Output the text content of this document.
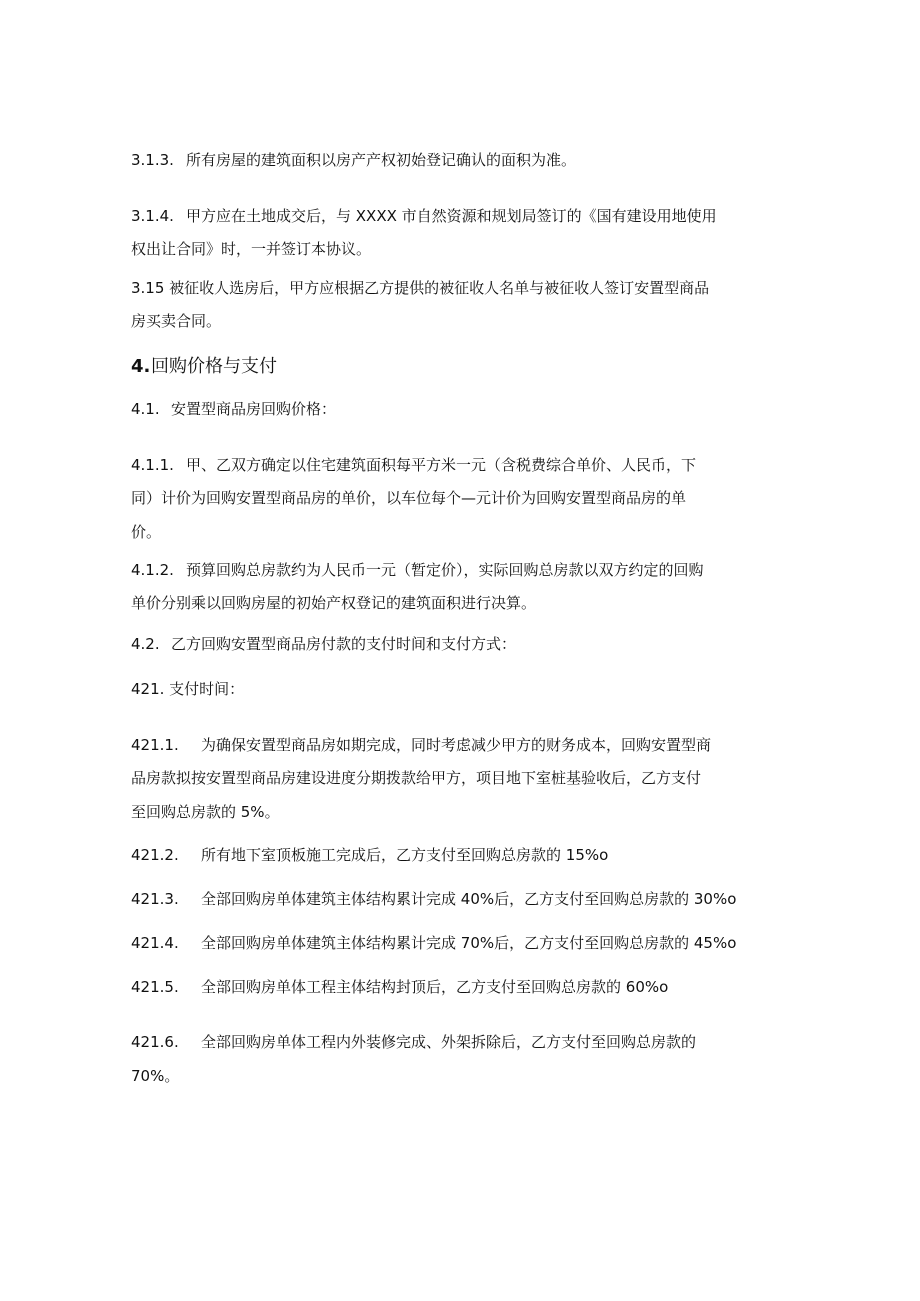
3.1.3. 所有房屋的建筑面积以房产产权初始登记确认的面积为准。
3.1.4. 甲方应在土地成交后，与 XXXX 市自然资源和规划局签订的《国有建设用地使用
权出让合同》时，一并签订本协议。
3.15 被征收人选房后，甲方应根据乙方提供的被征收人名单与被征收人签订安置型商品
房买卖合同。
4.回购价格与支付
4.1. 安置型商品房回购价格：
4.1.1. 甲、乙双方确定以住宅建筑面积每平方米一元（含税费综合单价、人民币，下
同）计价为回购安置型商品房的单价，以车位每个—元计价为回购安置型商品房的单
价。
4.1.2. 预算回购总房款约为人民币一元（暂定价），实际回购总房款以双方约定的回购
单价分别乘以回购房屋的初始产权登记的建筑面积进行决算。
4.2. 乙方回购安置型商品房付款的支付时间和支付方式：
421. 支付时间：
421.1. 为确保安置型商品房如期完成，同时考虑减少甲方的财务成本，回购安置型商
品房款拟按安置型商品房建设进度分期拨款给甲方，项目地下室桩基验收后，乙方支付
至回购总房款的 5%。
421.2. 所有地下室顶板施工完成后，乙方支付至回购总房款的 15%o
421.3. 全部回购房单体建筑主体结构累计完成 40%后，乙方支付至回购总房款的 30%o
421.4. 全部回购房单体建筑主体结构累计完成 70%后，乙方支付至回购总房款的 45%o
421.5. 全部回购房单体工程主体结构封顶后，乙方支付至回购总房款的 60%o
421.6. 全部回购房单体工程内外装修完成、外架拆除后，乙方支付至回购总房款的
70%。
